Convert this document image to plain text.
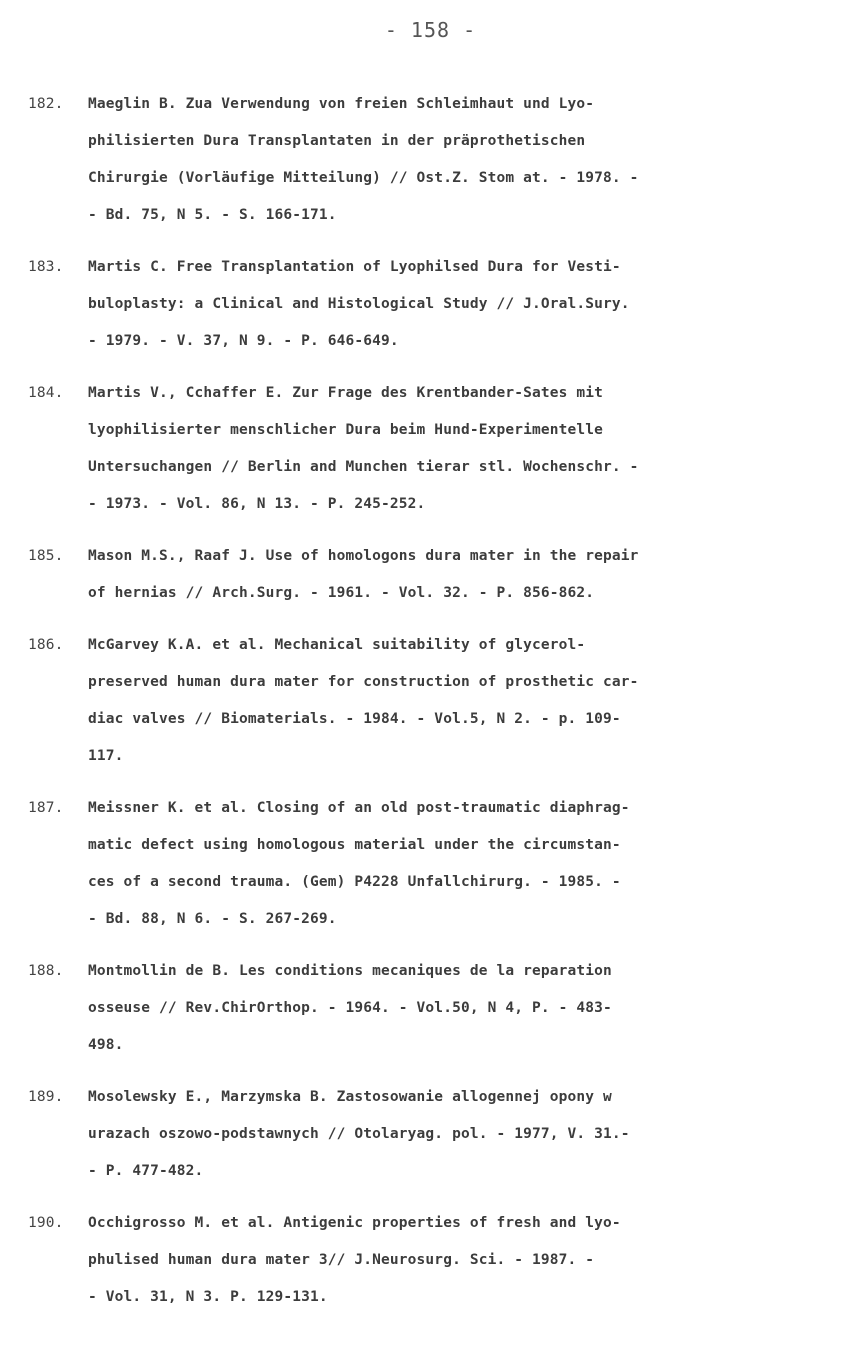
- 158 -
182. Maeglin B. Zua Verwendung von freien Schleimhaut und Lyo-
philisierten Dura Transplantaten in der präprothetischen
Chirurgie (Vorläufige Mitteilung) // Ost.Z. Stom at. - 1978. -
- Bd. 75, N 5. - S. 166-171.
183. Martis C. Free Transplantation of Lyophilsed Dura for Vesti-
buloplasty: a Clinical and Histological Study // J.Oral.Sury.
- 1979. - V. 37, N 9. - P. 646-649.
184. Martis V., Cchaffer E. Zur Frage des Krentbander-Sates mit
lyophilisierter menschlicher Dura beim Hund-Experimentelle
Untersuchangen // Berlin and Munchen tierar stl. Wochenschr. -
- 1973. - Vol. 86, N 13. - P. 245-252.
185. Mason M.S., Raaf J. Use of homologons dura mater in the repair
of hernias // Arch.Surg. - 1961. - Vol. 32. - P. 856-862.
186. McGarvey K.A. et al. Mechanical suitability of glycerol-
preserved human dura mater for construction of prosthetic car-
diac valves // Biomaterials. - 1984. - Vol.5, N 2. - p. 109-
117.
187. Meissner K. et al. Closing of an old post-traumatic diaphrag-
matic defect using homologous material under the circumstan-
ces of a second trauma. (Gem) P4228 Unfallchirurg. - 1985. -
- Bd. 88, N 6. - S. 267-269.
188. Montmollin de B. Les conditions mecaniques de la reparation
osseuse // Rev.ChirOrthop. - 1964. - Vol.50, N 4, P. - 483-
498.
189. Mosolewsky E., Marzymska B. Zastosowanie allogennej opony w
urazach oszowo-podstawnych // Otolaryag. pol. - 1977, V. 31.-
- P. 477-482.
190. Occhigrosso M. et al. Antigenic properties of fresh and lyo-
phulised human dura mater 3// J.Neurosurg. Sci. - 1987. -
- Vol. 31, N 3. P. 129-131.
